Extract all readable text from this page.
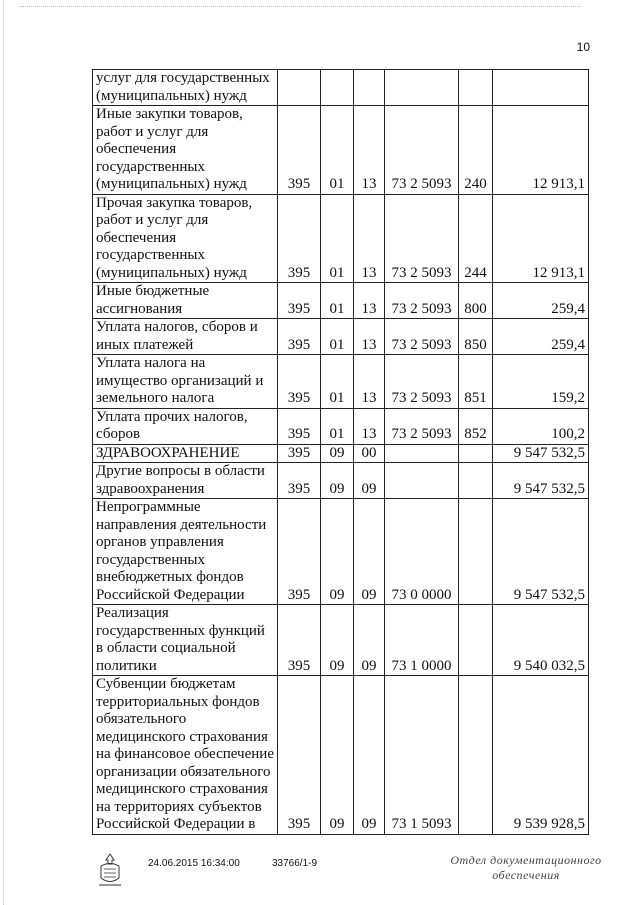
10
услуг для государственных (муниципальных) нужд						
Иные закупки товаров, работ и услуг для обеспечения государственных (муниципальных) нужд	395	01	13	73 2 5093	240	12 913,1
Прочая закупка товаров, работ и услуг для обеспечения государственных (муниципальных) нужд	395	01	13	73 2 5093	244	12 913,1
Иные бюджетные ассигнования	395	01	13	73 2 5093	800	259,4
Уплата налогов, сборов и иных платежей	395	01	13	73 2 5093	850	259,4
Уплата налога на имущество организаций и земельного налога	395	01	13	73 2 5093	851	159,2
Уплата прочих налогов, сборов	395	01	13	73 2 5093	852	100,2
ЗДРАВООХРАНЕНИЕ	395	09	00			9 547 532,5
Другие вопросы в области здравоохранения	395	09	09			9 547 532,5
Непрограммные направления деятельности органов управления государственных внебюджетных фондов Российской Федерации	395	09	09	73 0 0000		9 547 532,5
Реализация государственных функций в области социальной политики	395	09	09	73 1 0000		9 540 032,5
Субвенции бюджетам территориальных фондов обязательного медицинского страхования на финансовое обеспечение организации обязательного медицинского страхования на территориях субъектов Российской Федерации в	395	09	09	73 1 5093		9 539 928,5
24.06.2015 16:34:00	33766/1-9	Отдел документационного
обеспечения
